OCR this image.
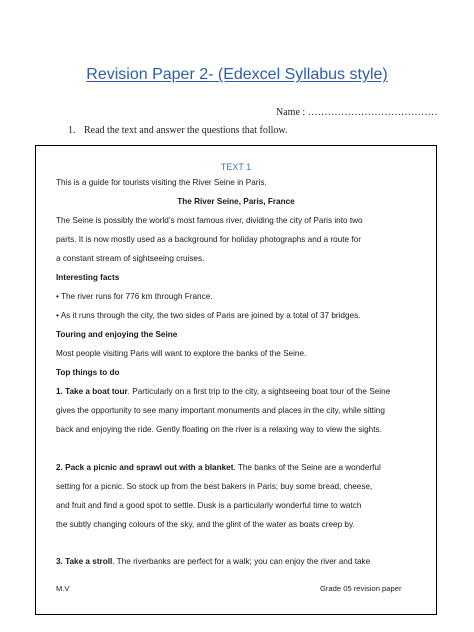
Revision Paper 2- (Edexcel Syllabus style)
Name : …………………………………
1. Read the text and answer the questions that follow.
TEXT 1
This is a guide for tourists visiting the River Seine in Paris.
The River Seine, Paris, France
The Seine is possibly the world’s most famous river, dividing the city of Paris into two
parts. It is now mostly used as a background for holiday photographs and a route for
a constant stream of sightseeing cruises.
Interesting facts
• The river runs for 776 km through France.
• As it runs through the city, the two sides of Paris are joined by a total of 37 bridges.
Touring and enjoying the Seine
Most people visiting Paris will want to explore the banks of the Seine.
Top things to do
1. Take a boat tour. Particularly on a first trip to the city, a sightseeing boat tour of the Seine
gives the opportunity to see many important monuments and places in the city, while sitting
back and enjoying the ride. Gently floating on the river is a relaxing way to view the sights.
2. Pack a picnic and sprawl out with a blanket. The banks of the Seine are a wonderful
setting for a picnic. So stock up from the best bakers in Paris; buy some bread, cheese,
and fruit and find a good spot to settle. Dusk is a particularly wonderful time to watch
the subtly changing colours of the sky, and the glint of the water as boats creep by.
3. Take a stroll. The riverbanks are perfect for a walk; you can enjoy the river and take
M.V	Grade 05 revision paper
